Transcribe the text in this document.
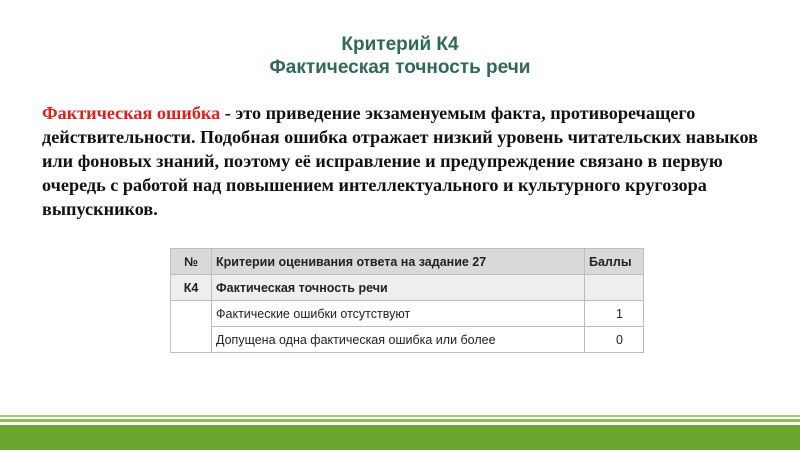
Критерий К4
Фактическая точность речи
Фактическая ошибка - это приведение экзаменуемым факта, противоречащего действительности. Подобная ошибка отражает низкий уровень читательских навыков или фоновых знаний, поэтому её исправление и предупреждение связано в первую очередь с работой над повышением интеллектуального и культурного кругозора выпускников.
№	Критерии оценивания ответа на задание 27	Баллы
К4	Фактическая точность речи	
	Фактические ошибки отсутствуют	1
	Допущена одна фактическая ошибка или более	0
